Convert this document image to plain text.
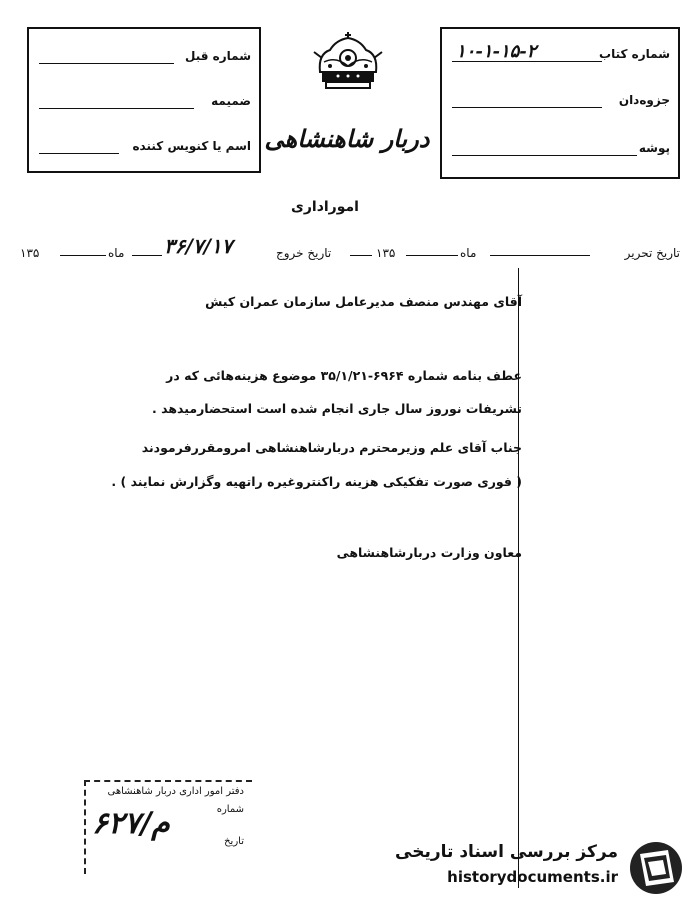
شماره قبل
ضمیمه
اسم یا کنویس کننده دربار شاهنشاهی
شماره کتاب
۱۰-۱-۱۵-۲
جزوه‌دان
پوشه
اموراداری
تاریخ تحریر
ماه
۱۳۵
تاریخ خروج
۳۶/۷/۱۷
ماه
۱۳۵
آقای مهندس منصف مدیرعامل سازمان عمران کیش
عطف بنامه شماره ۶۹۶۴-۳۵/۱/۲۱ موضوع هزینه‌هائی که در
تشریفات نوروز سال جاری انجام شده است استحضارمیدهد .
جناب آقای علم وزیرمحترم دربارشاهنشاهی امرومقررفرمودند
( فوری صورت تفکیکی هزینه راکنتروغیره راتهیه وگزارش نمایند ) .
معاون وزارت دربارشاهنشاهی
دفتر امور اداری دربار شاهنشاهی
شماره
تاریخ
۶۲۷/م
مرکز بررسی اسناد تاریخی
historydocuments.ir
